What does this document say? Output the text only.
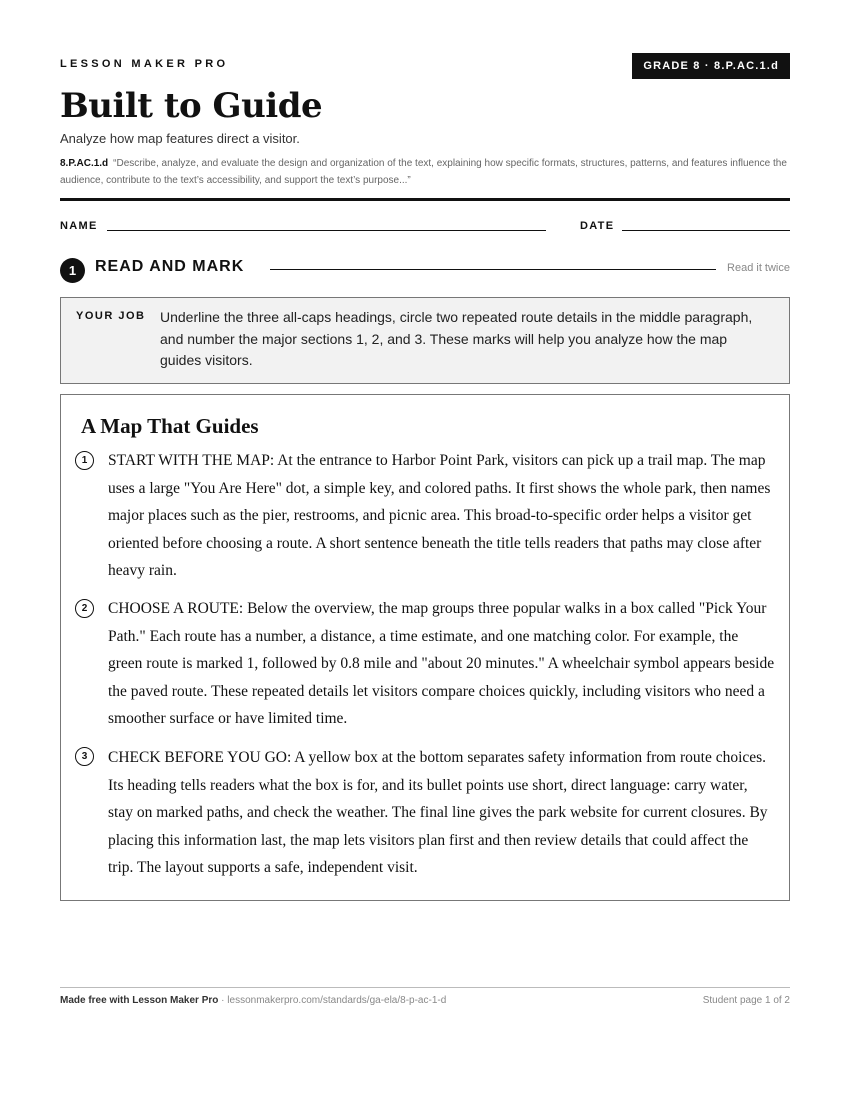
LESSON MAKER PRO	GRADE 8 · 8.P.AC.1.d
Built to Guide
Analyze how map features direct a visitor.
8.P.AC.1.d “Describe, analyze, and evaluate the design and organization of the text, explaining how specific formats, structures, patterns, and features influence the audience, contribute to the text’s accessibility, and support the text’s purpose...”
NAME	DATE
1	READ AND MARK	Read it twice
YOUR JOB Underline the three all-caps headings, circle two repeated route details in the middle paragraph, and number the major sections 1, 2, and 3. These marks will help you analyze how the map guides visitors.
A Map That Guides
1	START WITH THE MAP: At the entrance to Harbor Point Park, visitors can pick up a trail map. The map uses a large "You Are Here" dot, a simple key, and colored paths. It first shows the whole park, then names major places such as the pier, restrooms, and picnic area. This broad-to-specific order helps a visitor get oriented before choosing a route. A short sentence beneath the title tells readers that paths may close after heavy rain.
2	CHOOSE A ROUTE: Below the overview, the map groups three popular walks in a box called "Pick Your Path." Each route has a number, a distance, a time estimate, and one matching color. For example, the green route is marked 1, followed by 0.8 mile and "about 20 minutes." A wheelchair symbol appears beside the paved route. These repeated details let visitors compare choices quickly, including visitors who need a smoother surface or have limited time.
3	CHECK BEFORE YOU GO: A yellow box at the bottom separates safety information from route choices. Its heading tells readers what the box is for, and its bullet points use short, direct language: carry water, stay on marked paths, and check the weather. The final line gives the park website for current closures. By placing this information last, the map lets visitors plan first and then review details that could affect the trip. The layout supports a safe, independent visit.
Made free with Lesson Maker Pro · lessonmakerpro.com/standards/ga-ela/8-p-ac-1-d	Student page 1 of 2
